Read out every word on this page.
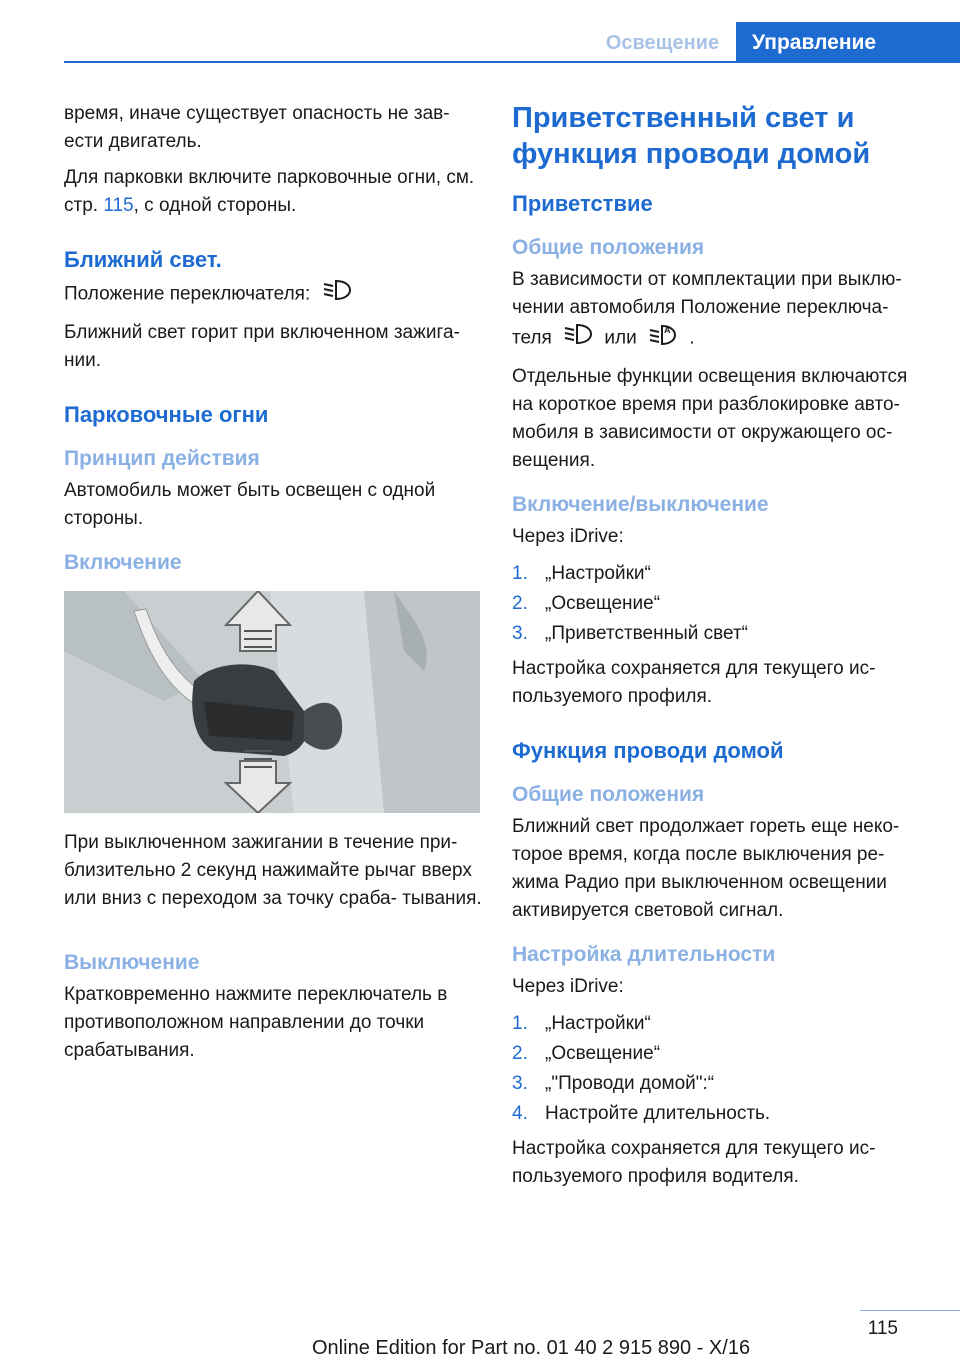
Освещение	Управление

время, иначе существует опасность не зав‐ ести двигатель.

Для парковки включите парковочные огни, см. стр. 115, с одной стороны.

Ближний свет.

Положение переключателя:

Ближний свет горит при включенном зажига‐ нии.

Парковочные огни
Принцип действия

Автомобиль может быть освещен с одной стороны.

Включение

При выключенном зажигании в течение при‐ близительно 2 секунд нажимайте рычаг вверх или вниз с переходом за точку сраба‐ тывания.

Выключение

Кратковременно нажмите переключатель в противоположном направлении до точки срабатывания.

Приветственный свет и функция проводи домой
Приветствие
Общие положения

В зависимости от комплектации при выклю‐ чении автомобиля Положение переключа‐ теля	или	A .

Отдельные функции освещения включаются на короткое время при разблокировке авто‐ мобиля в зависимости от окружающего ос‐ вещения.

Включение/выключение

Через iDrive:

1. „Настройки“
2. „Освещение“
3. „Приветственный свет“

Настройка сохраняется для текущего ис‐ пользуемого профиля.

Функция проводи домой
Общие положения

Ближний свет продолжает гореть еще неко‐ торое время, когда после выключения ре‐ жима Радио при выключенном освещении активируется световой сигнал.

Настройка длительности

Через iDrive:

1. „Настройки“
2. „Освещение“
3. „"Проводи домой":“
4. Настройте длительность.

Настройка сохраняется для текущего ис‐ пользуемого профиля водителя.

115
Online Edition for Part no. 01 40 2 915 890 - X/16
